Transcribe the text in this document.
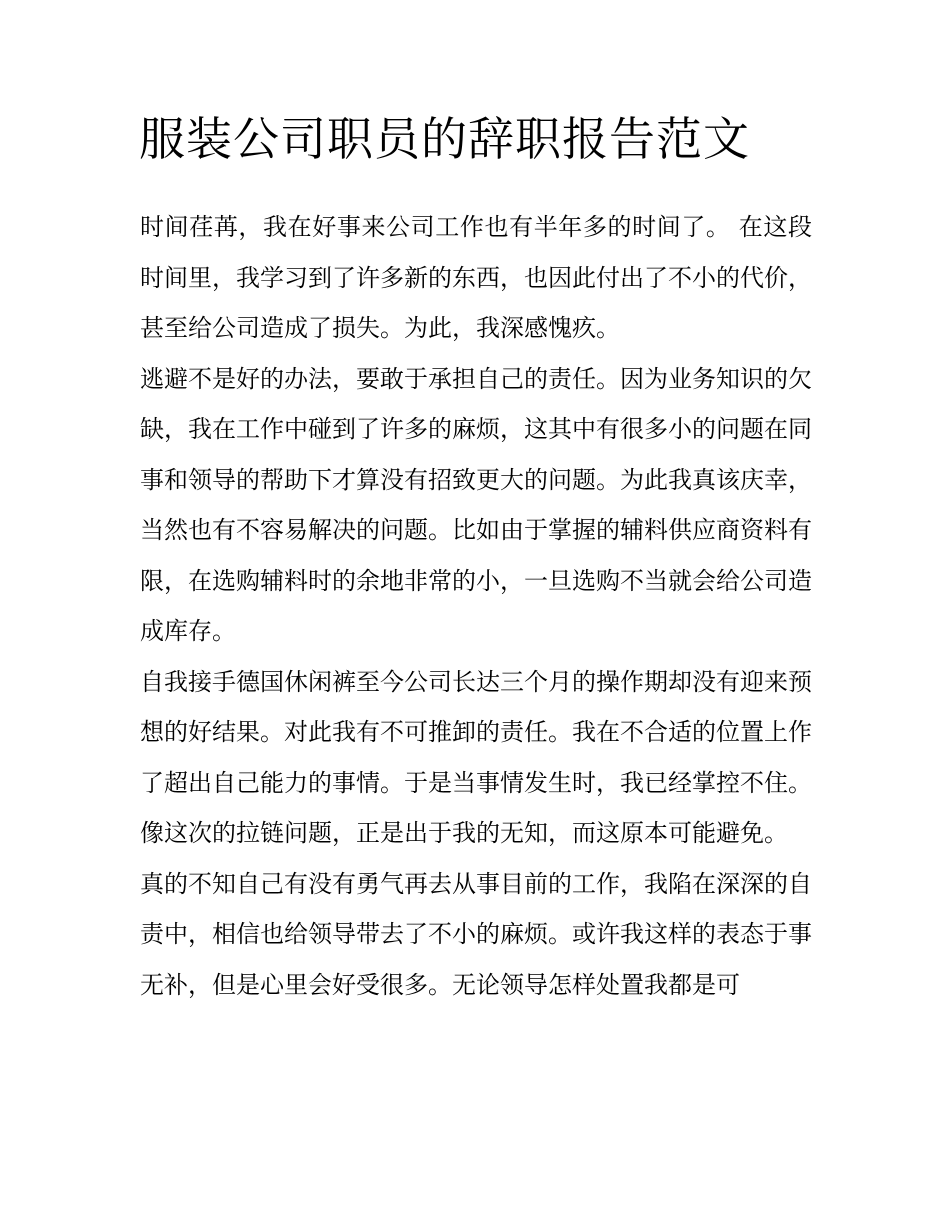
服装公司职员的辞职报告范文

时间荏苒，我在好事来公司工作也有半年多的时间了。 在这段时间里，我学习到了许多新的东西，也因此付出了不小的代价，甚至给公司造成了损失。为此，我深感愧疚。

逃避不是好的办法，要敢于承担自己的责任。因为业务知识的欠缺，我在工作中碰到了许多的麻烦，这其中有很多小的问题在同事和领导的帮助下才算没有招致更大的问题。为此我真该庆幸，当然也有不容易解决的问题。比如由于掌握的辅料供应商资料有限，在选购辅料时的余地非常的小，一旦选购不当就会给公司造成库存。

自我接手德国休闲裤至今公司长达三个月的操作期却没有迎来预想的好结果。对此我有不可推卸的责任。我在不合适的位置上作了超出自己能力的事情。于是当事情发生时，我已经掌控不住。像这次的拉链问题，正是出于我的无知，而这原本可能避免。

真的不知自己有没有勇气再去从事目前的工作，我陷在深深的自责中，相信也给领导带去了不小的麻烦。或许我这样的表态于事无补，但是心里会好受很多。无论领导怎样处置我都是可
